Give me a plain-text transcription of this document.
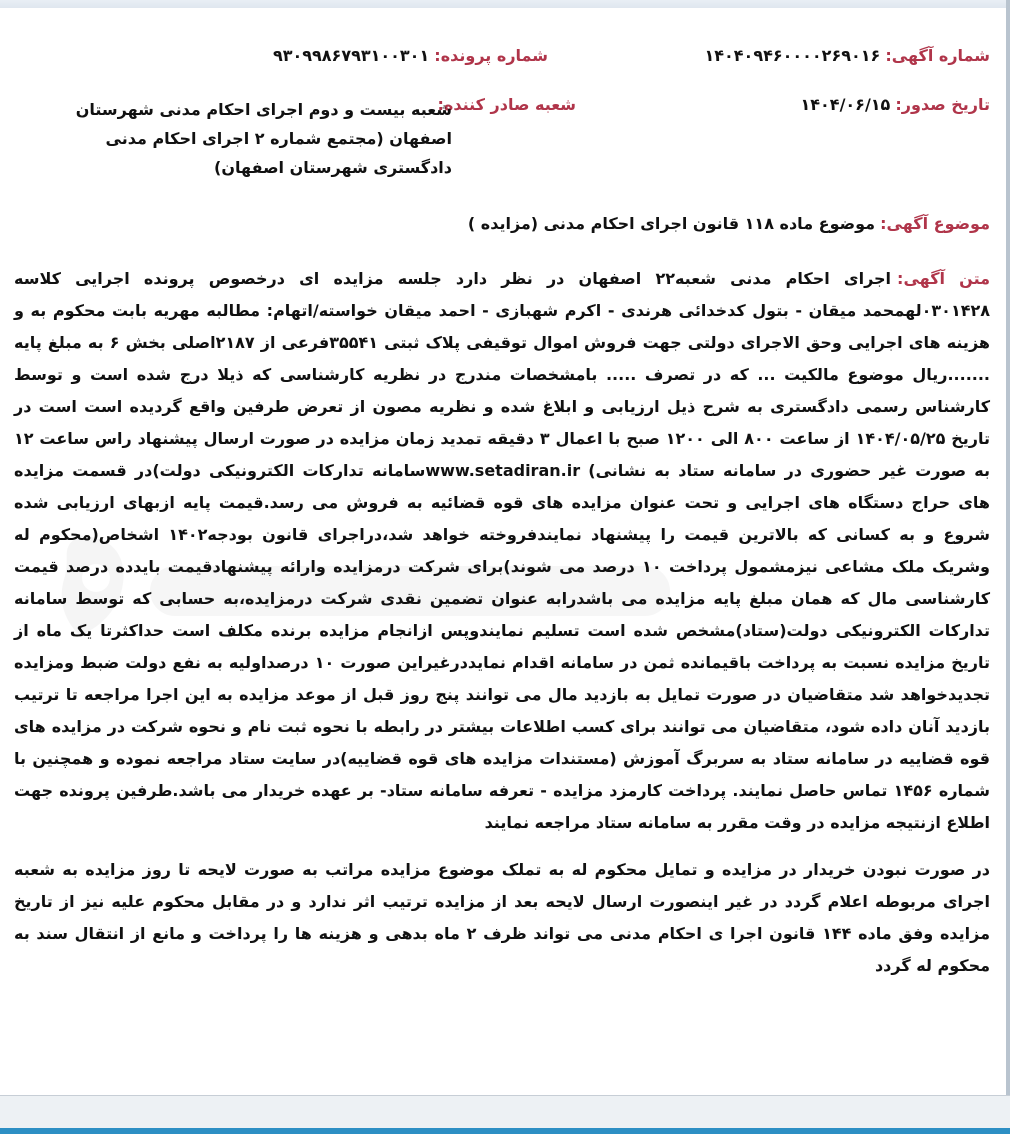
شماره آگهی: ۱۴۰۴۰۹۴۶۰۰۰۰۲۶۹۰۱۶
شماره پرونده: ۹۳۰۹۹۸۶۷۹۳۱۰۰۳۰۱
تاریخ صدور: ۱۴۰۴/۰۶/۱۵
شعبه صادر کننده:
شعبه بیست و دوم اجرای احکام مدنی شهرستان اصفهان (مجتمع شماره ۲ اجرای احکام مدنی دادگستری شهرستان اصفهان)
موضوع آگهی: موضوع ماده ۱۱۸ قانون اجرای احکام مدنی (مزایده )
متن آگهی:اجرای احکام مدنی شعبه۲۲ اصفهان در نظر دارد جلسه مزایده ای درخصوص پرونده اجرایی کلاسه ۰۳۰۱۴۲۸لهمحمد میقان - بتول کدخدائی هرندی - اکرم شهبازی - احمد میقان خواسته/اتهام: مطالبه مهریه بابت محکوم به و هزینه های اجرایی وحق الاجرای دولتی جهت فروش اموال توقیفی پلاک ثبتی ۳۵۵۴۱فرعی از ۲۱۸۷اصلی بخش ۶ به مبلغ پایه .......ریال موضوع مالکیت ... که در تصرف ..... بامشخصات مندرج در نظریه کارشناسی که ذیلا درج شده است و توسط کارشناس رسمی دادگستری به شرح ذیل ارزیابی و ابلاغ شده و نظریه مصون از تعرض طرفین واقع گردیده است است در تاریخ ۱۴۰۴/۰۵/۲۵ از ساعت ۸۰۰ الی ۱۲۰۰ صبح با اعمال ۳ دقیقه تمدید زمان مزایده در صورت ارسال پیشنهاد راس ساعت ۱۲ به صورت غیر حضوری در سامانه ستاد به نشانی) www.setadiran.irسامانه تدارکات الکترونیکی دولت)در قسمت مزایده های حراج دستگاه های اجرایی و تحت عنوان مزایده های قوه قضائیه به فروش می رسد.قیمت پایه ازبهای ارزیابی شده شروع و به کسانی که بالاترین قیمت را پیشنهاد نمایندفروخته خواهد شد،دراجرای قانون بودجه۱۴۰۲ اشخاص(محکوم له وشریک ملک مشاعی نیزمشمول پرداخت ۱۰ درصد می شوند)برای شرکت درمزایده وارائه پیشنهادقیمت بایدده درصد قیمت کارشناسی مال که همان مبلغ پایه مزایده می باشدرابه عنوان تضمین نقدی شرکت درمزایده،به حسابی که توسط سامانه تدارکات الکترونیکی دولت(ستاد)مشخص شده است تسلیم نمایندوپس ازانجام مزایده برنده مکلف است حداکثرتا یک ماه از تاریخ مزایده نسبت به پرداخت باقیمانده ثمن در سامانه اقدام نمایددرغیراین صورت ۱۰ درصداولیه به نفع دولت ضبط ومزایده تجدیدخواهد شد متقاضیان در صورت تمایل به بازدید مال می توانند پنج روز قبل از موعد مزایده به این اجرا مراجعه تا ترتیب بازدید آنان داده شود، متقاضیان می توانند برای کسب اطلاعات بیشتر در رابطه با نحوه ثبت نام و نحوه شرکت در مزایده های قوه قضاییه در سامانه ستاد به سربرگ آموزش (مستندات مزایده های قوه قضاییه)در سایت ستاد مراجعه نموده و همچنین با شماره ۱۴۵۶ تماس حاصل نمایند. پرداخت کارمزد مزایده - تعرفه سامانه ستاد- بر عهده خریدار می باشد.طرفین پرونده جهت اطلاع ازنتیجه مزایده در وقت مقرر به سامانه ستاد مراجعه نمایند
در صورت نبودن خریدار در مزایده و تمایل محکوم له به تملک موضوع مزایده مراتب به صورت لایحه تا روز مزایده به شعبه اجرای مربوطه اعلام گردد در غیر اینصورت ارسال لایحه بعد از مزایده ترتیب اثر ندارد و در مقابل محکوم علیه نیز از تاریخ مزایده وفق ماده ۱۴۴ قانون اجرا ی احکام مدنی می تواند ظرف ۲ ماه بدهی و هزینه ها را پرداخت و مانع از انتقال سند به محکوم له گردد
